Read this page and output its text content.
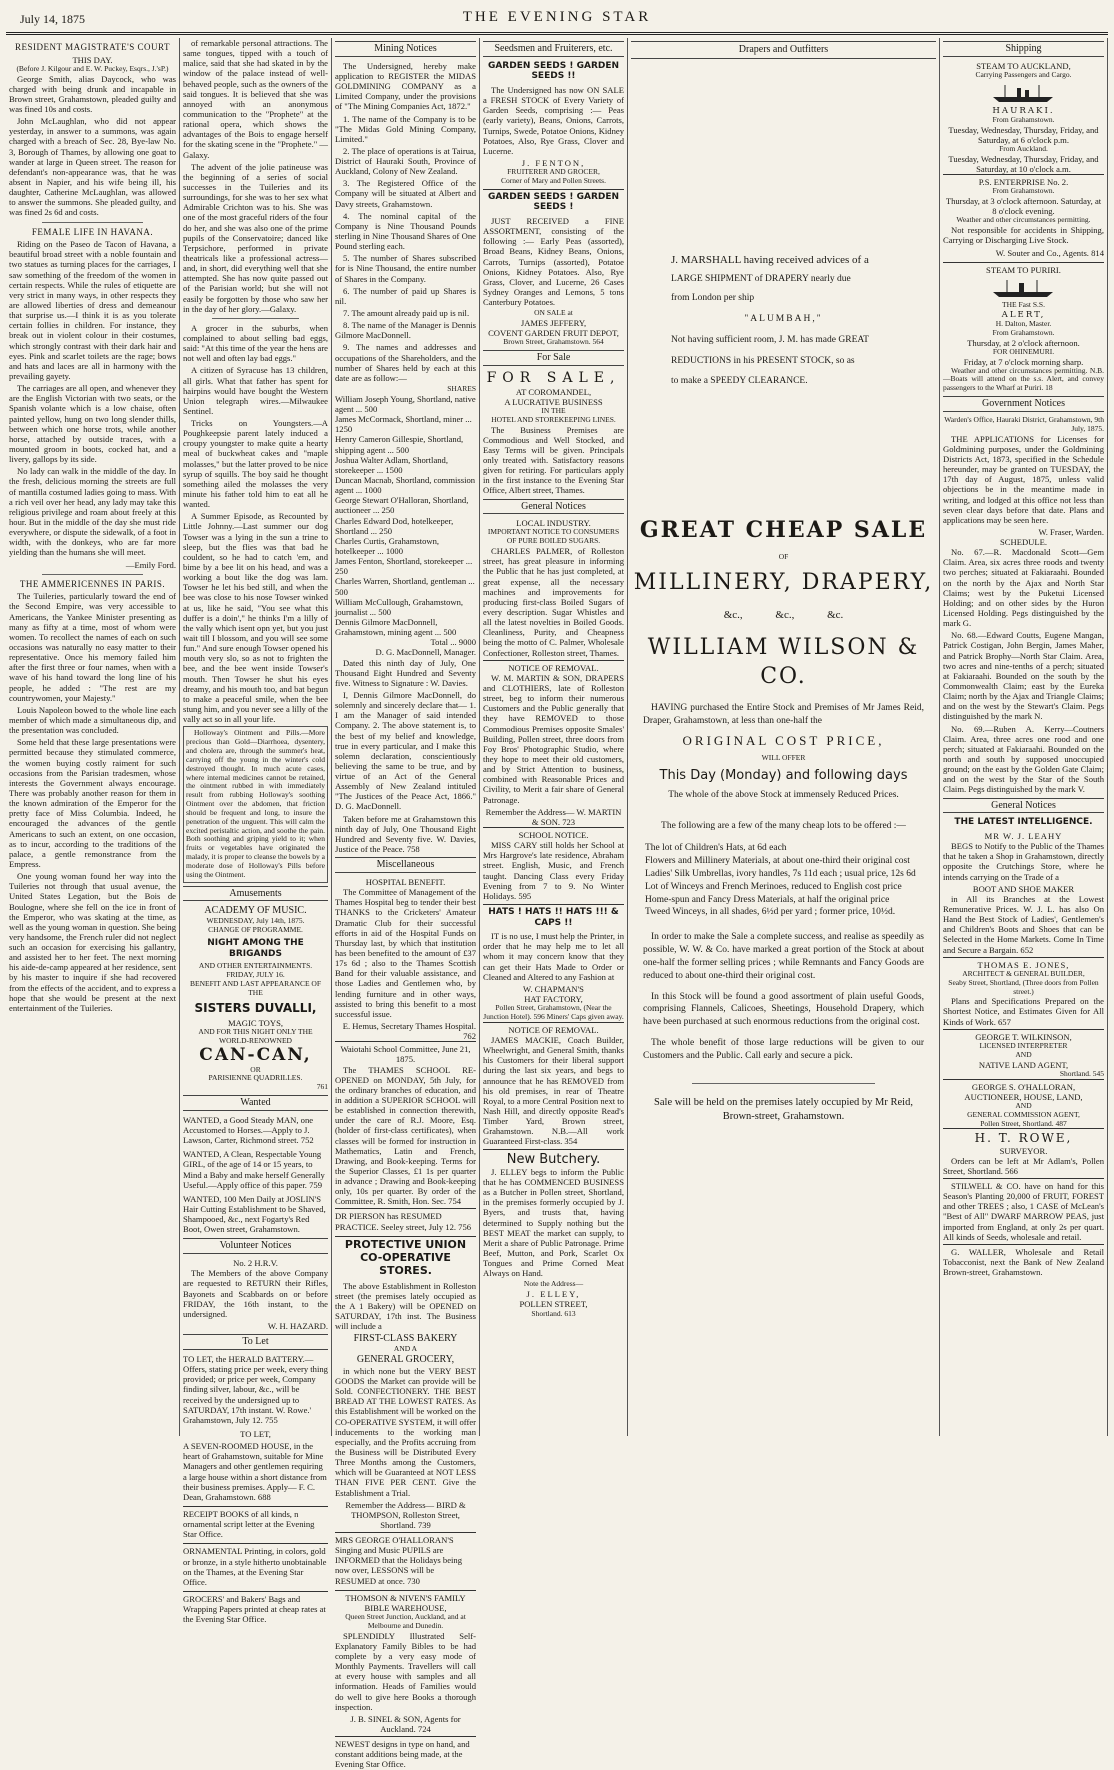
July 14, 1875	THE EVENING STAR
RESIDENT MAGISTRATE'S COURT
THIS DAY.
(Before J. Kilgour and E. W. Puckey, Esqrs., J.'sP.)

George Smith, alias Daycock, who was charged with being drunk and incapable in Brown street, Grahamstown, pleaded guilty and was fined 10s and costs.

John McLaughlan, who did not appear yesterday, in answer to a summons, was again charged with a breach of Sec. 28, Bye-law No. 3, Borough of Thames, by allowing one goat to wander at large in Queen street. The reason for defendant's non-appearance was, that he was absent in Napier, and his wife being ill, his daughter, Catherine McLaughlan, was allowed to answer the summons. She pleaded guilty, and was fined 2s 6d and costs.

FEMALE LIFE IN HAVANA.

Riding on the Paseo de Tacon of Havana, a beautiful broad street with a noble fountain and two statues as turning places for the carriages, I saw something of the freedom of the women in certain respects. While the rules of etiquette are very strict in many ways, in other respects they are allowed liberties of dress and demeanour that surprise us.—I think it is as you tolerate certain follies in children. For instance, they break out in violent colour in their costumes, which strongly contrast with their dark hair and eyes. Pink and scarlet toilets are the rage; bows and hats and laces are all in harmony with the prevailing gayety.

The carriages are all open, and whenever they are the English Victorian with two seats, or the Spanish volante which is a low chaise, often painted yellow, hung on two long slender thills, between which one horse trots, while another horse, attached by outside traces, with a mounted groom in boots, cocked hat, and a livery, gallops by its side.

No lady can walk in the middle of the day. In the fresh, delicious morning the streets are full of mantilla costumed ladies going to mass. With a rich veil over her head, any lady may take this religious privilege and roam about freely at this hour. But in the middle of the day she must ride everywhere, or dispute the sidewalk, of a foot in width, with the donkeys, who are far more yielding than the humans she will meet.

—Emily Ford.
THE AMMERICENNES IN PARIS.

The Tuileries, particularly toward the end of the Second Empire, was very accessible to Americans, the Yankee Minister presenting as many as fifty at a time, most of whom were women. To recollect the names of each on such occasions was naturally no easy matter to their representative. Once his memory failed him after the first three or four names, when with a wave of his hand toward the long line of his people, he added : "The rest are my countrywomen, your Majesty."

Louis Napoleon bowed to the whole line each member of which made a simultaneous dip, and the presentation was concluded.

Some held that these large presentations were permitted because they stimulated commerce, the women buying costly raiment for such occasions from the Parisian tradesmen, whose interests the Government always encourage. There was probably another reason for them in the known admiration of the Emperor for the pretty face of Miss Columbia. Indeed, he encouraged the advances of the gentle Americans to such an extent, on one occasion, as to incur, according to the traditions of the palace, a gentle remonstrance from the Empress.

One young woman found her way into the Tuileries not through that usual avenue, the United States Legation, but the Bois de Boulogne, where she fell on the ice in front of the Emperor, who was skating at the time, as well as the young woman in question. She being very handsome, the French ruler did not neglect such an occasion for exercising his gallantry, and assisted her to her feet. The next morning his aide-de-camp appeared at her residence, sent by his master to inquire if she had recovered from the effects of the accident, and to express a hope that she would be present at the next entertainment of the Tuileries.

of remarkable personal attractions. The same tongues, tipped with a touch of malice, said that she had skated in by the window of the palace instead of well-behaved people, such as the owners of the said tongues. It is believed that she was annoyed with an anonymous communication to the "Prophete" at the rational opera, which shows the advantages of the Bois to engage herself for the skating scene in the "Prophete." — Galaxy.

The advent of the jolie patineuse was the beginning of a series of social successes in the Tuileries and its surroundings, for she was to her sex what Admirable Crichton was to his. She was one of the most graceful riders of the four do her, and she was also one of the prime pupils of the Conservatoire; danced like Terpsichore, performed in private theatricals like a professional actress—and, in short, did everything well that she attempted. She has now quite passed out of the Parisian world; but she will not easily be forgotten by those who saw her in the day of her glory.—Galaxy.

A grocer in the suburbs, when complained to about selling bad eggs, said: "At this time of the year the hens are not well and often lay bad eggs."

A citizen of Syracuse has 13 children, all girls. What that father has spent for hairpins would have bought the Western Union telegraph wires.—Milwaukee Sentinel.

Tricks on Youngsters.—A Poughkeepsie parent lately induced a croupy youngster to make quite a hearty meal of buckwheat cakes and "maple molasses," but the latter proved to be nice syrup of squills. The boy said he thought something ailed the molasses the very minute his father told him to eat all he wanted.

A Summer Episode, as Recounted by Little Johnny.—Last summer our dog Towser was a lying in the sun a trine to sleep, but the flies was that bad he couldent, so he had to catch 'em, and bime by a bee lit on his head, and was a working a bout like the dog was lam. Towser he let his bed still, and when the bee was close to his nose Towser winked at us, like he said, "You see what this duffer is a doin'," he thinks I'm a lilly of the vally which isent opn yet, but you just wait till I blossom, and you will see some fun." And sure enough Towser opened his mouth very slo, so as not to frighten the bee, and the bee went inside Towser's mouth. Then Towser he shut his eyes dreamy, and his mouth too, and bat begun to make a peaceful smile, when the bee stung him, and you never see a lilly of the vally act so in all your life.

Holloway's Ointment and Pills.—More precious than Gold—Diarrhoea, dysentery, and cholera are, through the summer's heat, carrying off the young in the winter's cold destroyed thought. In much acute cases, where internal medicines cannot be retained, the ointment rubbed in with immediately result from rubbing Holloway's soothing Ointment over the abdomen, that friction should be frequent and long, to insure the penetration of the unguent. This will calm the excited peristaltic action, and soothe the pain. Both soothing and griping yield to it; when fruits or vegetables have originated the malady, it is proper to cleanse the bowels by a moderate dose of Holloway's Pills before using the Ointment.

Amusements
ACADEMY OF MUSIC.
WEDNESDAY, July 14th, 1875.
CHANGE OF PROGRAMME.
NIGHT AMONG THE BRIGANDS
AND OTHER ENTERTAINMENTS.
FRIDAY, JULY 16.
BENEFIT AND LAST APPEARANCE OF THE
SISTERS DUVALLI,
MAGIC TOYS,
AND FOR THIS NIGHT ONLY THE WORLD-RENOWNED
CAN-CAN,
OR
PARISIENNE QUADRILLES.
761
Wanted

WANTED, a Good Steady MAN, one Accustomed to Horses.—Apply to J. Lawson, Carter, Richmond street. 752

WANTED, A Clean, Respectable Young GIRL, of the age of 14 or 15 years, to Mind a Baby and make herself Generally Useful.—Apply office of this paper. 759

WANTED, 100 Men Daily at JOSLIN'S Hair Cutting Establishment to be Shaved, Shampooed, &c., next Fogarty's Red Boot, Owen street, Grahamstown.

Volunteer Notices
No. 2 H.R.V.

The Members of the above Company are requested to RETURN their Rifles, Bayonets and Scabbards on or before FRIDAY, the 16th instant, to the undersigned.

W. H. HAZARD.
To Let

TO LET, the HERALD BATTERY.—Offers, stating price per week, every thing provided; or price per week, Company finding silver, labour, &c., will be received by the undersigned up to SATURDAY, 17th instant. W. Rowe.' Grahamstown, July 12. 755

TO LET,

A SEVEN-ROOMED HOUSE, in the heart of Grahamstown, suitable for Mine Managers and other gentlemen requiring a large house within a short distance from their business premises. Apply— F. C. Dean, Grahamstown. 688

RECEIPT BOOKS of all kinds, n ornamental script letter at the Evening Star Office.

ORNAMENTAL Printing, in colors, gold or bronze, in a style hitherto unobtainable on the Thames, at the Evening Star Office.

GROCERS' and Bakers' Bags and Wrapping Papers printed at cheap rates at the Evening Star Office.

Mining Notices

The Undersigned, hereby make application to REGISTER the MIDAS GOLDMINING COMPANY as a Limited Company, under the provisions of "The Mining Companies Act, 1872."

1. The name of the Company is to be "The Midas Gold Mining Company, Limited."

2. The place of operations is at Tairua, District of Hauraki South, Province of Auckland, Colony of New Zealand.

3. The Registered Office of the Company will be situated at Albert and Davy streets, Grahamstown.

4. The nominal capital of the Company is Nine Thousand Pounds sterling in Nine Thousand Shares of One Pound sterling each.

5. The number of Shares subscribed for is Nine Thousand, the entire number of Shares in the Company.

6. The number of paid up Shares is nil.

7. The amount already paid up is nil.

8. The name of the Manager is Dennis Gilmore MacDonnell.

9. The names and addresses and occupations of the Shareholders, and the number of Shares held by each at this date are as follow:—

SHARES
William Joseph Young, Shortland, native agent ... 500
James McCormack, Shortland, miner ... 1250
Henry Cameron Gillespie, Shortland, shipping agent ... 500
Joshua Walter Adlam, Shortland, storekeeper ... 1500
Duncan Macnab, Shortland, commission agent ... 1000
George Stewart O'Halloran, Shortland, auctioneer ... 250
Charles Edward Dod, hotelkeeper, Shortland ... 250
Charles Curtis, Grahamstown, hotelkeeper ... 1000
James Fenton, Shortland, storekeeper ... 250
Charles Warren, Shortland, gentleman ... 500
William McCullough, Grahamstown, journalist ... 500
Dennis Gilmore MacDonnell, Grahamstown, mining agent ... 500
Total ... 9000
D. G. MacDonnell, Manager.

Dated this ninth day of July, One Thousand Eight Hundred and Seventy five. Witness to Signature : W. Davies.

I, Dennis Gilmore MacDonnell, do solemnly and sincerely declare that— 1. I am the Manager of said intended Company. 2. The above statement is, to the best of my belief and knowledge, true in every particular, and I make this solemn declaration, conscientiously believing the same to be true, and by virtue of an Act of the General Assembly of New Zealand intituled "The Justices of the Peace Act, 1866." D. G. MacDonnell.

Taken before me at Grahamstown this ninth day of July, One Thousand Eight Hundred and Seventy five. W. Davies, Justice of the Peace. 758

Miscellaneous
HOSPITAL BENEFIT.

The Committee of Management of the Thames Hospital beg to tender their best THANKS to the Cricketers' Amateur Dramatic Club for their successful efforts in aid of the Hospital Funds on Thursday last, by which that institution has been benefited to the amount of £37 17s 6d ; also to the Thames Scottish Band for their valuable assistance, and those Ladies and Gentlemen who, by lending furniture and in other ways, assisted to bring this benefit to a most successful issue.

E. Hemus, Secretary Thames Hospital. 762
Waiotahi School Committee, June 21, 1875.

The THAMES SCHOOL RE-OPENED on MONDAY, 5th July, for the ordinary branches of education, and in addition a SUPERIOR SCHOOL will be established in connection therewith, under the care of R.J. Moore, Esq. (holder of first-class certificates), when classes will be formed for instruction in Mathematics, Latin and French, Drawing, and Book-keeping. Terms for the Superior Classes, £1 1s per quarter in advance ; Drawing and Book-keeping only, 10s per quarter. By order of the Committee, R. Smith, Hon. Sec. 754

DR PIERSON has RESUMED PRACTICE. Seeley street, July 12. 756

PROTECTIVE UNION CO-OPERATIVE STORES.

The above Establishment in Rolleston street (the premises lately occupied as the A 1 Bakery) will be OPENED on SATURDAY, 17th inst. The Business will include a

FIRST-CLASS BAKERY
AND A
GENERAL GROCERY,

in which none but the VERY BEST GOODS the Market can provide will be Sold. CONFECTIONERY. THE BEST BREAD AT THE LOWEST RATES. As this Establishment will be worked on the CO-OPERATIVE SYSTEM, it will offer inducements to the working man especially, and the Profits accruing from the Business will be Distributed Every Three Months among the Customers, which will be Guaranteed at NOT LESS THAN FIVE PER CENT. Give the Establishment a Trial.

Remember the Address— BIRD & THOMPSON, Rolleston Street, Shortland. 739

MRS GEORGE O'HALLORAN'S Singing and Music PUPILS are INFORMED that the Holidays being now over, LESSONS will be RESUMED at once. 730

THOMSON & NIVEN'S FAMILY BIBLE WAREHOUSE,
Queen Street Junction, Auckland, and at Melbourne and Dunedin.

SPLENDIDLY Illustrated Self-Explanatory Family Bibles to be had complete by a very easy mode of Monthly Payments. Travellers will call at every house with samples and all information. Heads of Families would do well to give here Books a thorough inspection.

J. B. SINEL & SON, Agents for Auckland. 724

NEWEST designs in type on hand, and constant additions being made, at the Evening Star Office.

Seedsmen and Fruiterers, etc.
GARDEN SEEDS ! GARDEN SEEDS !!

The Undersigned has now ON SALE a FRESH STOCK of Every Variety of Garden Seeds, comprising :— Peas (early variety), Beans, Onions, Carrots, Turnips, Swede, Potatoe Onions, Kidney Potatoes, Also, Rye Grass, Clover and Lucerne.

J. FENTON,
FRUITERER AND GROCER,
Corner of Mary and Pollen Streets.
GARDEN SEEDS ! GARDEN SEEDS !

JUST RECEIVED a FINE ASSORTMENT, consisting of the following :— Early Peas (assorted), Broad Beans, Kidney Beans, Onions, Carrots, Turnips (assorted), Potatoe Onions, Kidney Potatoes. Also, Rye Grass, Clover, and Lucerne, 26 Cases Sydney Oranges and Lemons, 5 tons Canterbury Potatoes.

ON SALE at
JAMES JEFFERY,
COVENT GARDEN FRUIT DEPOT,
Brown Street, Grahamstown. 564
For Sale
FOR SALE,
AT COROMANDEL,
A LUCRATIVE BUSINESS
IN THE
HOTEL AND STOREKEEPING LINES.

The Business Premises are Commodious and Well Stocked, and Easy Terms will be given. Principals only treated with. Satisfactory reasons given for retiring. For particulars apply in the first instance to the Evening Star Office, Albert street, Thames.

General Notices
LOCAL INDUSTRY.
IMPORTANT NOTICE TO CONSUMERS OF PURE BOILED SUGARS.

CHARLES PALMER, of Rolleston street, has great pleasure in informing the Public that he has just completed, at great expense, all the necessary machines and improvements for producing first-class Boiled Sugars of every description. Sugar Whistles and all the latest novelties in Boiled Goods. Cleanliness, Purity, and Cheapness being the motto of C. Palmer, Wholesale Confectioner, Rolleston street, Thames.

NOTICE OF REMOVAL.

W. M. MARTIN & SON, DRAPERS and CLOTHIERS, late of Rolleston street, beg to inform their numerous Customers and the Public generally that they have REMOVED to those Commodious Premises opposite Smales' Building, Pollen street, three doors from Foy Bros' Photographic Studio, where they hope to meet their old customers, and by Strict Attention to business, combined with Reasonable Prices and Civility, to Merit a fair share of General Patronage.

Remember the Address— W. MARTIN & SON. 723
SCHOOL NOTICE.

MISS CARY still holds her School at Mrs Hargrove's late residence, Abraham street. English, Music, and French taught. Dancing Class every Friday Evening from 7 to 9. No Winter Holidays. 595

HATS ! HATS !! HATS !!! & CAPS !!

IT is no use, I must help the Printer, in order that he may help me to let all whom it may concern know that they can get their Hats Made to Order or Cleaned and Altered to any Fashion at

W. CHAPMAN'S
HAT FACTORY,
Pollen Street, Grahamstown, (Near the Junction Hotel). 596 Miners' Caps given away.
NOTICE OF REMOVAL.

JAMES MACKIE, Coach Builder, Wheelwright, and General Smith, thanks his Customers for their liberal support during the last six years, and begs to announce that he has REMOVED from his old premises, in rear of Theatre Royal, to a more Central Position next to Nash Hill, and directly opposite Read's Timber Yard, Brown street, Grahamstown. N.B.—All work Guaranteed First-class. 354

New Butchery.

J. ELLEY begs to inform the Public that he has COMMENCED BUSINESS as a Butcher in Pollen street, Shortland, in the premises formerly occupied by J. Byers, and trusts that, having determined to Supply nothing but the BEST MEAT the market can supply, to Merit a share of Public Patronage. Prime Beef, Mutton, and Pork, Scarlet Ox Tongues and Prime Corned Meat Always on Hand.

Note the Address—
J. ELLEY,
POLLEN STREET,
Shortland. 613
Drapers and Outfitters
J. MARSHALL having received advices of a
LARGE SHIPMENT of DRAPERY nearly due
from London per ship
"ALUMBAH,"
Not having sufficient room, J. M. has made GREAT
REDUCTIONS in his PRESENT STOCK, so as
to make a SPEEDY CLEARANCE.
GREAT CHEAP SALE
OF
MILLINERY, DRAPERY,
&c., &c., &c.
WILLIAM WILSON & CO.

HAVING purchased the Entire Stock and Premises of Mr James Reid, Draper, Grahamstown, at less than one-half the

ORIGINAL COST PRICE,
WILL OFFER
This Day (Monday) and following days
The whole of the above Stock at immensely Reduced Prices.
The following are a few of the many cheap lots to be offered :—
The lot of Children's Hats, at 6d each
Flowers and Millinery Materials, at about one-third their original cost
Ladies' Silk Umbrellas, ivory handles, 7s 11d each ; usual price, 12s 6d
Lot of Winceys and French Merinoes, reduced to English cost price
Home-spun and Fancy Dress Materials, at half the original price
Tweed Winceys, in all shades, 6½d per yard ; former price, 10½d.

In order to make the Sale a complete success, and realise as speedily as possible, W. W. & Co. have marked a great portion of the Stock at about one-half the former selling prices ; while Remnants and Fancy Goods are reduced to about one-third their original cost.

In this Stock will be found a good assortment of plain useful Goods, comprising Flannels, Calicoes, Sheetings, Household Drapery, which have been purchased at such enormous reductions from the original cost.

The whole benefit of those large reductions will be given to our Customers and the Public. Call early and secure a pick.

Sale will be held on the premises lately occupied by Mr Reid, Brown-street, Grahamstown.

Shipping
STEAM TO AUCKLAND,
Carrying Passengers and Cargo.
HAURAKI.
From Grahamstown.
Tuesday, Wednesday, Thursday, Friday, and Saturday, at 6 o'clock p.m.
From Auckland.
Tuesday, Wednesday, Thursday, Friday, and Saturday, at 10 o'clock a.m.
P.S. ENTERPRISE No. 2.
From Grahamstown.
Thursday, at 3 o'clock afternoon. Saturday, at 8 o'clock evening.
Weather and other circumstances permitting.

Not responsible for accidents in Shipping, Carrying or Discharging Live Stock.

W. Souter and Co., Agents. 814
STEAM TO PURIRI.
THE Fast S.S.
ALERT,
H. Dalton, Master.
From Grahamstown.
Thursday, at 2 o'clock afternoon.
FOR OHINEMURI.
Friday, at 7 o'clock morning sharp.

Weather and other circumstances permitting. N.B.—Boats will attend on the s.s. Alert, and convey passengers to the Wharf at Puriri. 18

Government Notices
Warden's Office, Hauraki District, Grahamstown, 9th July, 1875.

THE APPLICATIONS for Licenses for Goldmining purposes, under the Goldmining Districts Act, 1873, specified in the Schedule hereunder, may be granted on TUESDAY, the 17th day of August, 1875, unless valid objections be in the meantime made in writing, and lodged at this office not less than seven clear days before that date. Plans and applications may be seen here.

W. Fraser, Warden.
SCHEDULE.

No. 67.—R. Macdonald Scott—Gem Claim. Area, six acres three roods and twenty two perches; situated at Fakiaraahi. Bounded on the north by the Ajax and North Star Claims; west by the Puketui Licensed Holding; and on other sides by the Huron Licensed Holding. Pegs distinguished by the mark G.

No. 68.—Edward Coutts, Eugene Mangan, Patrick Costigan, John Bergin, James Maher, and Patrick Brophy—North Star Claim. Area, two acres and nine-tenths of a perch; situated at Fakiaraahi. Bounded on the south by the Commonwealth Claim; east by the Eureka Claim; north by the Ajax and Triangle Claims; and on the west by the Stewart's Claim. Pegs distinguished by the mark N.

No. 69.—Ruben A. Kerry—Coutners Claim. Area, three acres one rood and one perch; situated at Fakiaraahi. Bounded on the north and south by supposed unoccupied ground; on the east by the Golden Gate Claim; and on the west by the Star of the South Claim. Pegs distinguished by the mark V.

General Notices
THE LATEST INTELLIGENCE.
MR W. J. LEAHY

BEGS to Notify to the Public of the Thames that he taken a Shop in Grahamstown, directly opposite the Crutchings Store, where he intends carrying on the Trade of a

BOOT AND SHOE MAKER

in All its Branches at the Lowest Remunerative Prices. W. J. L. has also On Hand the Best Stock of Ladies', Gentlemen's and Children's Boots and Shoes that can be Selected in the Home Markets. Come In Time and Secure a Bargain. 652

THOMAS E. JONES,
ARCHITECT & GENERAL BUILDER,
Seaby Street, Shortland, (Three doors from Pollen street.)

Plans and Specifications Prepared on the Shortest Notice, and Estimates Given for All Kinds of Work. 657

GEORGE T. WILKINSON,
LICENSED INTERPRETER
AND
NATIVE LAND AGENT,
Shortland. 545
GEORGE S. O'HALLORAN,
AUCTIONEER, HOUSE, LAND,
AND
GENERAL COMMISSION AGENT,
Pollen Street, Shortland. 487
H. T. ROWE,
SURVEYOR.

Orders can be left at Mr Adlam's, Pollen Street, Shortland. 566

STILWELL & CO. have on hand for this Season's Planting 20,000 of FRUIT, FOREST and other TREES ; also, 1 CASE of McLean's "Best of All" DWARF MARROW PEAS, just imported from England, at only 2s per quart. All kinds of Seeds, wholesale and retail.

G. WALLER, Wholesale and Retail Tobacconist, next the Bank of New Zealand Brown-street, Grahamstown.
